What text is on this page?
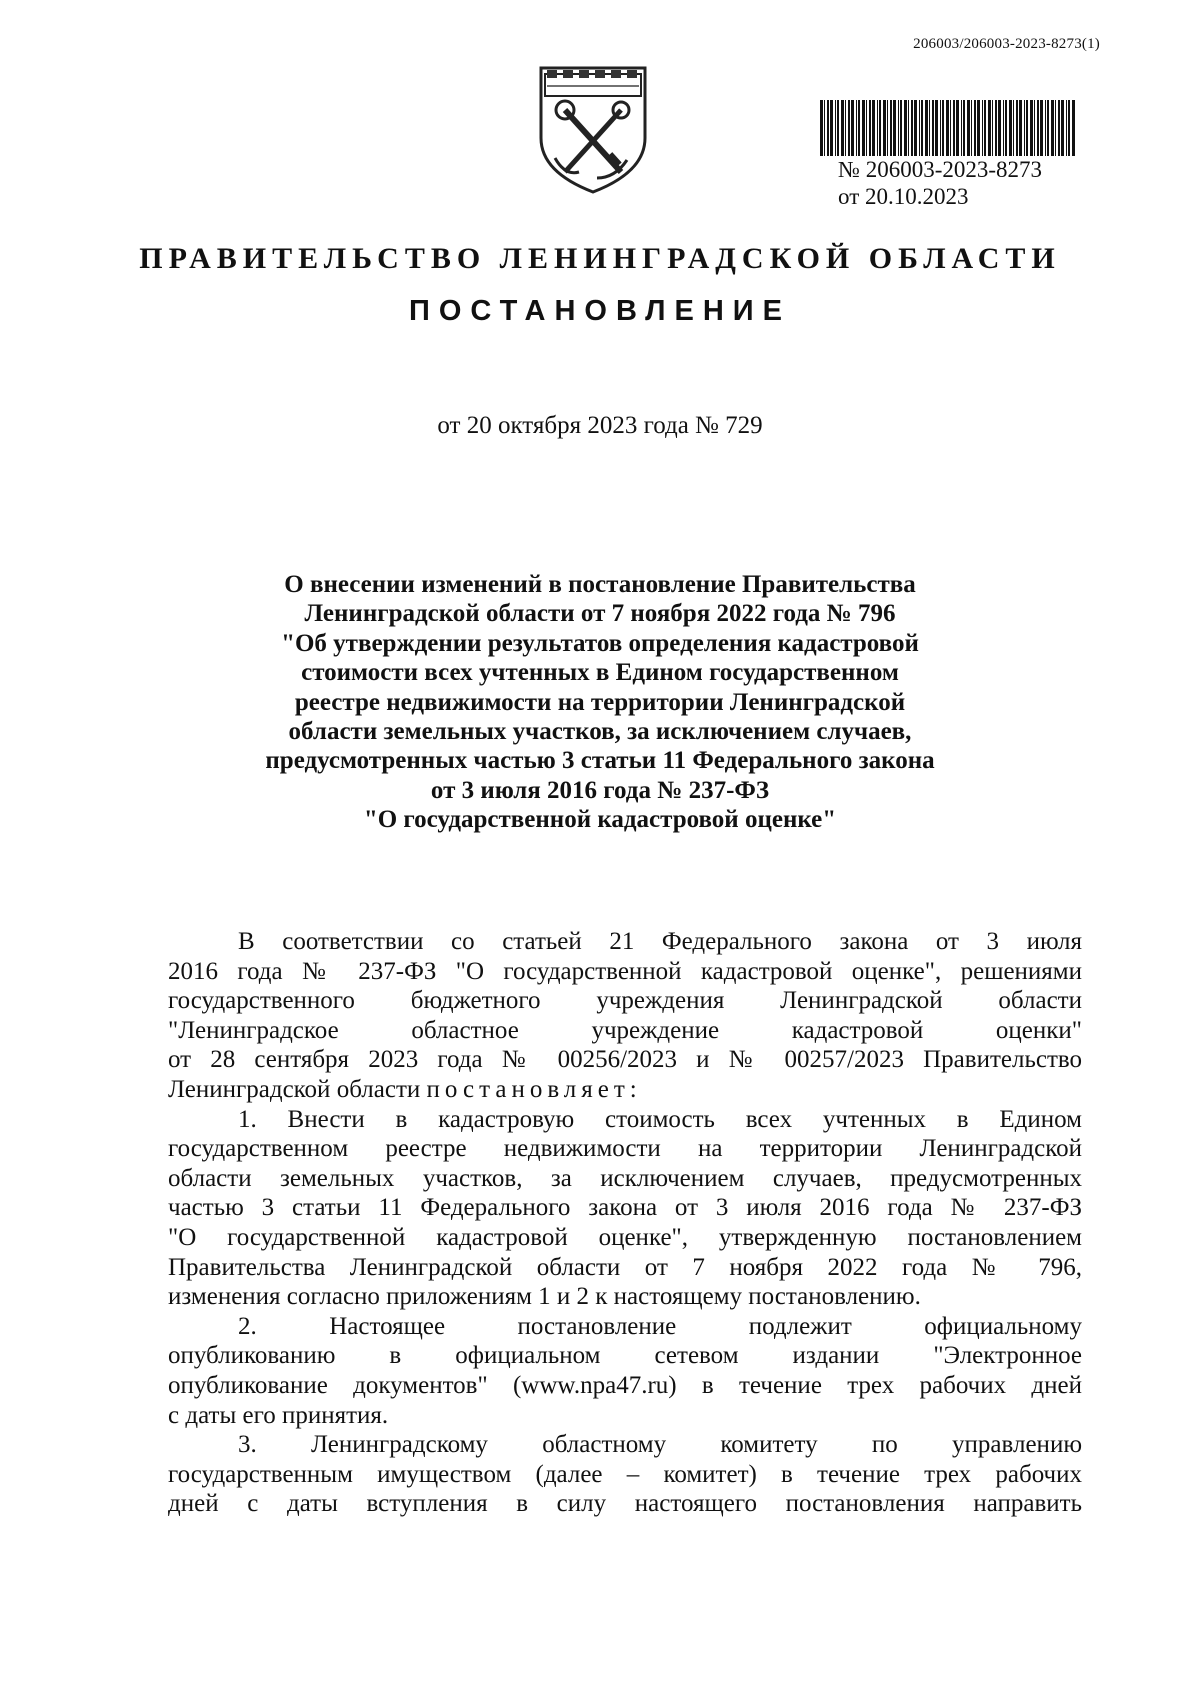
206003/206003-2023-8273(1)
№ 206003-2023-8273
от 20.10.2023
ПРАВИТЕЛЬСТВО ЛЕНИНГРАДСКОЙ ОБЛАСТИ
ПОСТАНОВЛЕНИЕ
от 20 октября 2023 года № 729
О внесении изменений в постановление Правительства
Ленинградской области от 7 ноября 2022 года № 796
"Об утверждении результатов определения кадастровой
стоимости всех учтенных в Едином государственном
реестре недвижимости на территории Ленинградской
области земельных участков, за исключением случаев,
предусмотренных частью 3 статьи 11 Федерального закона
от 3 июля 2016 года № 237-ФЗ
"О государственной кадастровой оценке"
В соответствии со статьей 21 Федерального закона от 3 июля
2016 года № 237-ФЗ "О государственной кадастровой оценке", решениями
государственного бюджетного учреждения Ленинградской области
"Ленинградское областное учреждение кадастровой оценки"
от 28 сентября 2023 года № 00256/2023 и № 00257/2023 Правительство
Ленинградской области постановляет:
1. Внести в кадастровую стоимость всех учтенных в Едином
государственном реестре недвижимости на территории Ленинградской
области земельных участков, за исключением случаев, предусмотренных
частью 3 статьи 11 Федерального закона от 3 июля 2016 года № 237-ФЗ
"О государственной кадастровой оценке", утвержденную постановлением
Правительства Ленинградской области от 7 ноября 2022 года № 796,
изменения согласно приложениям 1 и 2 к настоящему постановлению.
2. Настоящее постановление подлежит официальному
опубликованию в официальном сетевом издании "Электронное
опубликование документов" (www.npa47.ru) в течение трех рабочих дней
с даты его принятия.
3. Ленинградскому областному комитету по управлению
государственным имуществом (далее – комитет) в течение трех рабочих
дней с даты вступления в силу настоящего постановления направить
